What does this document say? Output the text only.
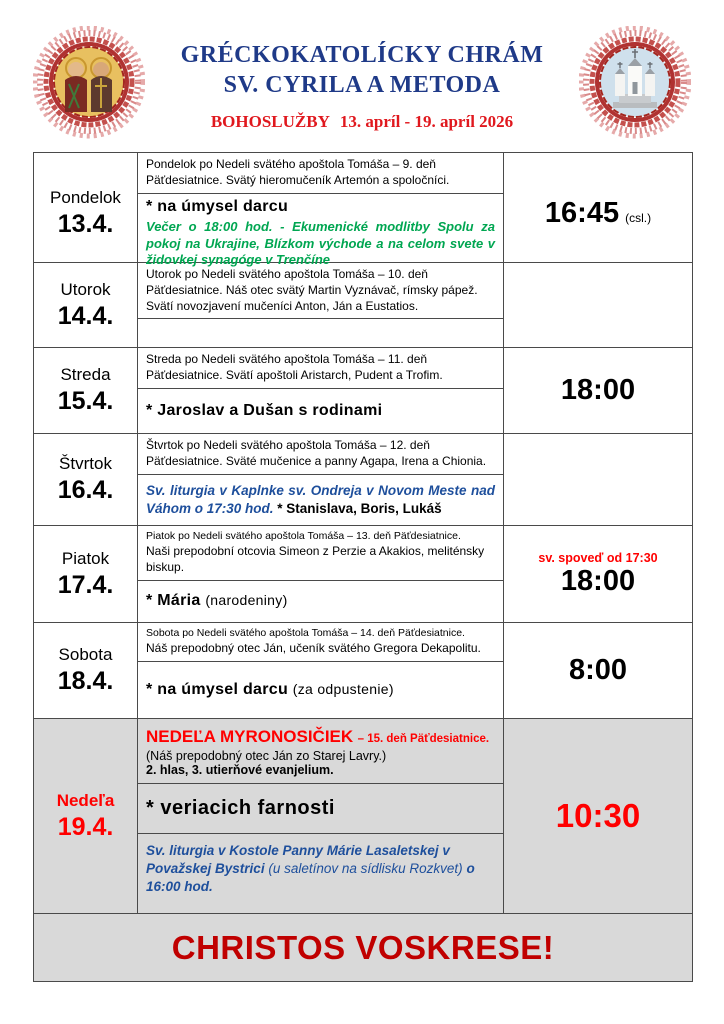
GRÉCKOKATOLÍCKY CHRÁM
SV. CYRILA A METODA
BOHOSLUŽBY 13. apríl - 19. apríl 2026
Pondelok
13.4.
Pondelok po Nedeli svätého apoštola Tomáša – 9. deň Päťdesiatnice. Svätý hieromučeník Artemón a spoločníci.
* na úmysel darcu
Večer o 18:00 hod. - Ekumenické modlitby Spolu za pokoj na Ukrajine, Blízkom východe a na celom svete v židovkej synagóge v Trenčíne
16:45 (csl.)
Utorok
14.4.
Utorok po Nedeli svätého apoštola Tomáša – 10. deň Päťdesiatnice. Náš otec svätý Martin Vyznávač, rímsky pápež. Svätí novozjavení mučeníci Anton, Ján a Eustatios.
Streda
15.4.
Streda po Nedeli svätého apoštola Tomáša – 11. deň Päťdesiatnice. Svätí apoštoli Aristarch, Pudent a Trofim.
* Jaroslav a Dušan s rodinami
18:00
Štvrtok
16.4.
Štvrtok po Nedeli svätého apoštola Tomáša – 12. deň Päťdesiatnice. Sväté mučenice a panny Agapa, Irena a Chionia.

Sv. liturgia v Kaplnke sv. Ondreja v Novom Meste nad Váhom o 17:30 hod. * Stanislava, Boris, Lukáš

Piatok
17.4.
Piatok po Nedeli svätého apoštola Tomáša – 13. deň Päťdesiatnice.
Naši prepodobní otcovia Simeon z Perzie a Akakios, meliténsky biskup.
* Mária (narodeniny)
sv. spoveď od 17:30
18:00
Sobota
18.4.
Sobota po Nedeli svätého apoštola Tomáša – 14. deň Päťdesiatnice.
Náš prepodobný otec Ján, učeník svätého Gregora Dekapolitu.
* na úmysel darcu (za odpustenie)
8:00
Nedeľa
19.4.
NEDEĽA MYRONOSIČIEK – 15. deň Päťdesiatnice.
(Náš prepodobný otec Ján zo Starej Lavry.)
2. hlas, 3. utierňové evanjelium.
* veriacich farnosti
Sv. liturgia v Kostole Panny Márie Lasaletskej v Považskej Bystrici (u saletínov na sídlisku Rozkvet) o 16:00 hod.
10:30
CHRISTOS VOSKRESE!
